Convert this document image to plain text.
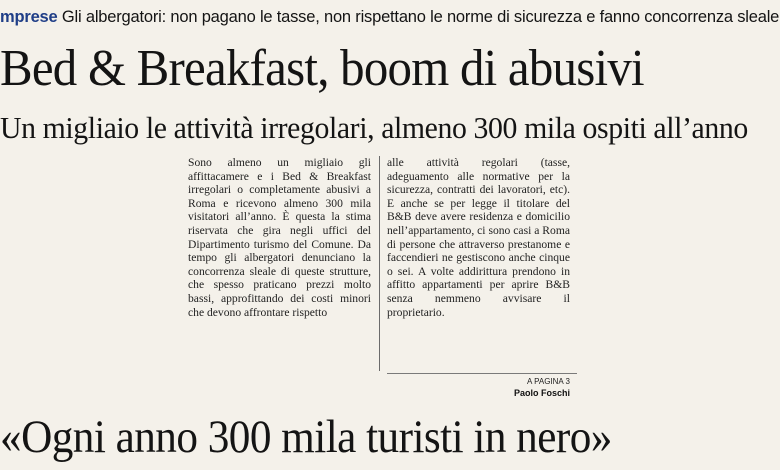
mprese Gli albergatori: non pagano le tasse, non rispettano le norme di sicurezza e fanno concorrenza sleale
Bed & Breakfast, boom di abusivi
Un migliaio le attività irregolari, almeno 300 mila ospiti all’anno
Sono almeno un migliaio gli affittacamere e i Bed & Breakfast irregolari o completamente abusivi a Roma e ricevono almeno 300 mila visitatori all’anno. È questa la stima riservata che gira negli uffici del Dipartimento turismo del Comune. Da tempo gli albergatori denunciano la concorrenza sleale di queste strutture, che spesso praticano prezzi molto bassi, approfittando dei costi minori che devono affrontare rispetto
alle attività regolari (tasse, adeguamento alle normative per la sicurezza, contratti dei lavoratori, etc). E anche se per legge il titolare del B&B deve avere residenza e domicilio nell’appartamento, ci sono casi a Roma di persone che attraverso prestanome e faccendieri ne gestiscono anche cinque o sei. A volte addirittura prendono in affitto appartamenti per aprire B&B senza nemmeno avvisare il proprietario.
A PAGINA 3
Paolo Foschi
«Ogni anno 300 mila turisti in nero»
